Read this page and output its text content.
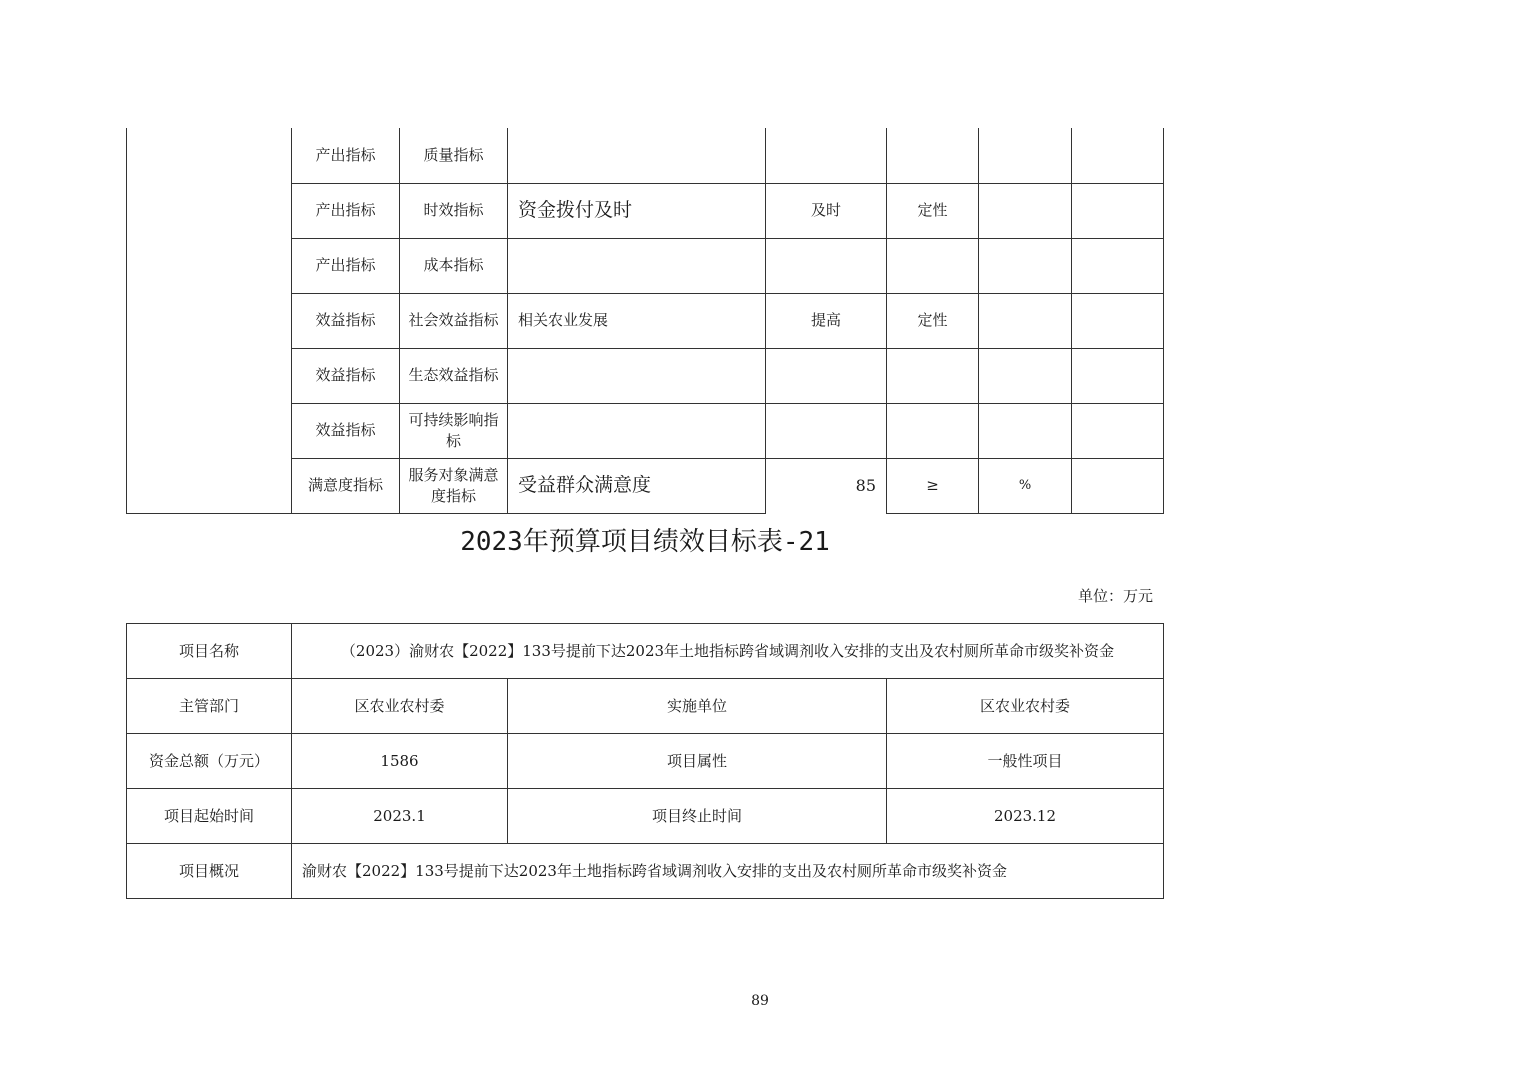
	产出指标	质量指标					
	产出指标	时效指标	资金拨付及时	及时	定性		
	产出指标	成本指标					
	效益指标	社会效益指标	相关农业发展	提高	定性		
	效益指标	生态效益指标					
	效益指标	可持续影响指标					
	满意度指标	服务对象满意度指标	受益群众满意度	85	≥	%	
2023年预算项目绩效目标表-21
单位：万元
项目名称	（2023）渝财农【2022】133号提前下达2023年土地指标跨省域调剂收入安排的支出及农村厕所革命市级奖补资金		
主管部门	区农业农村委	实施单位	区农业农村委
资金总额（万元）	1586	项目属性	一般性项目
项目起始时间	2023.1	项目终止时间	2023.12
项目概况	渝财农【2022】133号提前下达2023年土地指标跨省域调剂收入安排的支出及农村厕所革命市级奖补资金		
89
